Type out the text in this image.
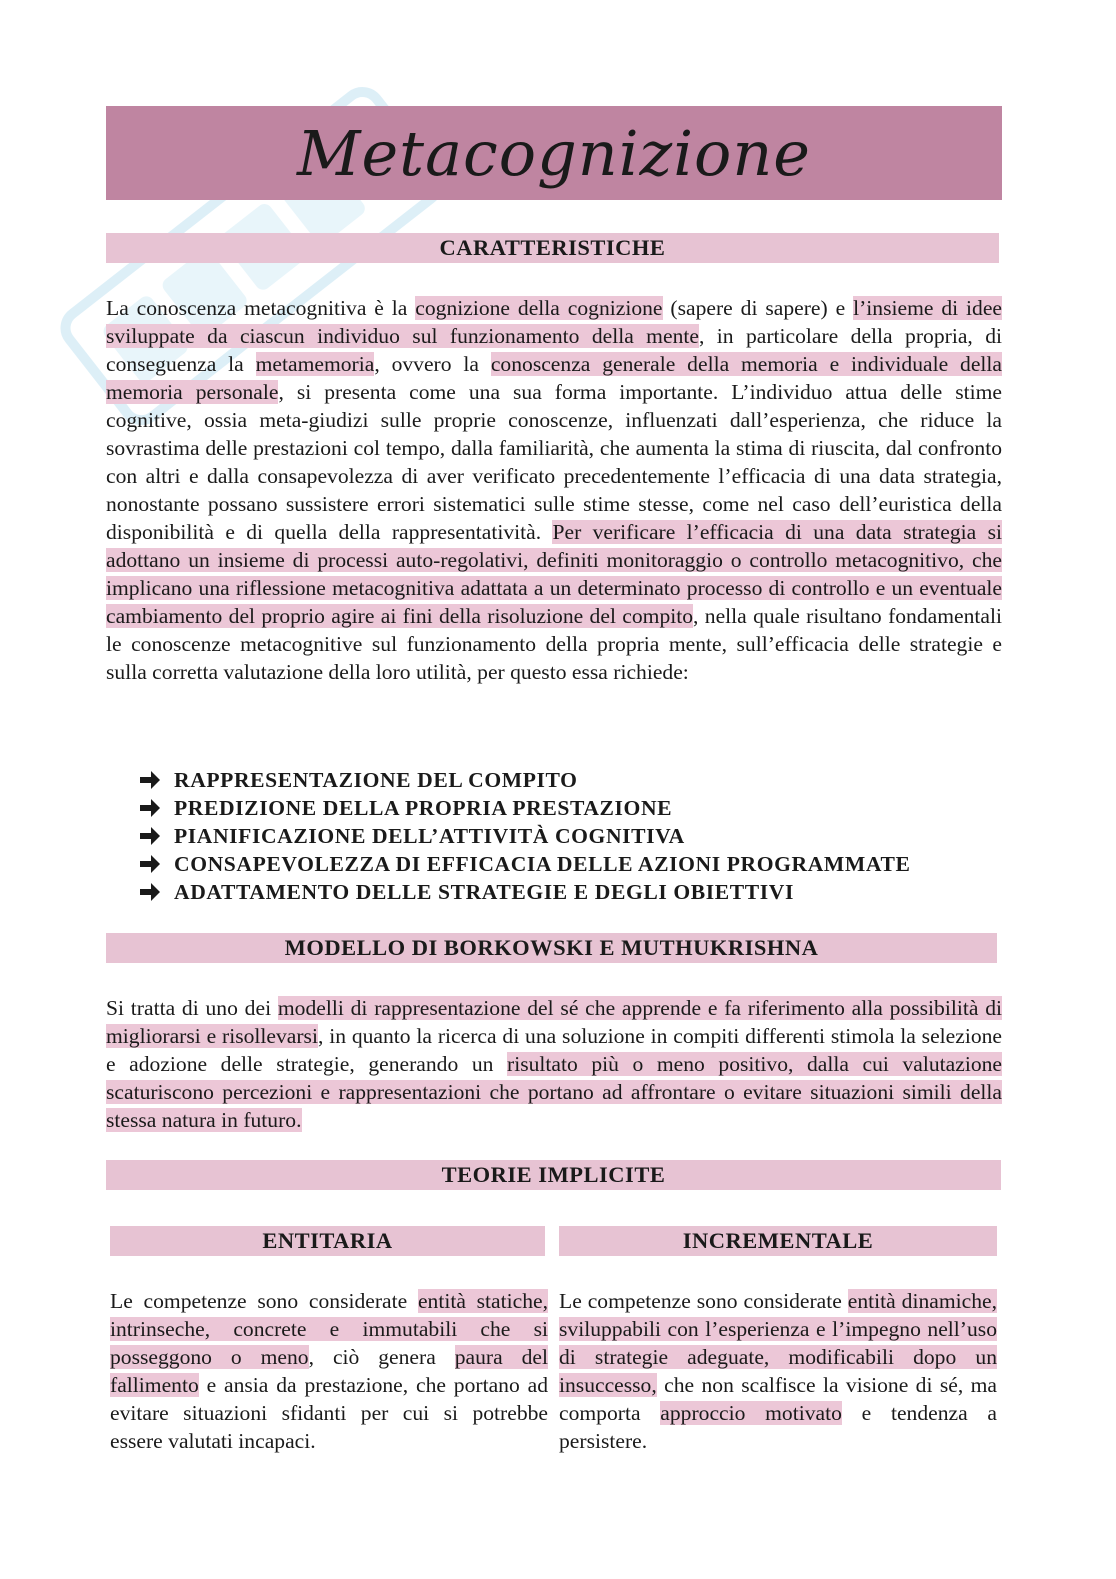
Metacognizione
CARATTERISTICHE
La conoscenza metacognitiva è la cognizione della cognizione (sapere di sapere) e l’insieme di idee sviluppate da ciascun individuo sul funzionamento della mente, in particolare della propria, di conseguenza la metamemoria, ovvero la conoscenza generale della memoria e individuale della memoria personale, si presenta come una sua forma importante. L’individuo attua delle stime cognitive, ossia meta-giudizi sulle proprie conoscenze, influenzati dall’esperienza, che riduce la sovrastima delle prestazioni col tempo, dalla familiarità, che aumenta la stima di riuscita, dal confronto con altri e dalla consapevolezza di aver verificato precedentemente l’efficacia di una data strategia, nonostante possano sussistere errori sistematici sulle stime stesse, come nel caso dell’euristica della disponibilità e di quella della rappresentatività. Per verificare l’efficacia di una data strategia si adottano un insieme di processi auto-regolativi, definiti monitoraggio o controllo metacognitivo, che implicano una riflessione metacognitiva adattata a un determinato processo di controllo e un eventuale cambiamento del proprio agire ai fini della risoluzione del compito, nella quale risultano fondamentali le conoscenze metacognitive sul funzionamento della propria mente, sull’efficacia delle strategie e sulla corretta valutazione della loro utilità, per questo essa richiede:
RAPPRESENTAZIONE DEL COMPITO
PREDIZIONE DELLA PROPRIA PRESTAZIONE
PIANIFICAZIONE DELL’ATTIVITÀ COGNITIVA
CONSAPEVOLEZZA DI EFFICACIA DELLE AZIONI PROGRAMMATE
ADATTAMENTO DELLE STRATEGIE E DEGLI OBIETTIVI
MODELLO DI BORKOWSKI E MUTHUKRISHNA
Si tratta di uno dei modelli di rappresentazione del sé che apprende e fa riferimento alla possibilità di migliorarsi e risollevarsi, in quanto la ricerca di una soluzione in compiti differenti stimola la selezione e adozione delle strategie, generando un risultato più o meno positivo, dalla cui valutazione scaturiscono percezioni e rappresentazioni che portano ad affrontare o evitare situazioni simili della stessa natura in futuro.
TEORIE IMPLICITE
ENTITARIA	INCREMENTALE
Le competenze sono considerate entità statiche, intrinseche, concrete e immutabili che si posseggono o meno, ciò genera paura del fallimento e ansia da prestazione, che portano ad evitare situazioni sfidanti per cui si potrebbe essere valutati incapaci.
Le competenze sono considerate entità dinamiche, sviluppabili con l’esperienza e l’impegno nell’uso di strategie adeguate, modificabili dopo un insuccesso, che non scalfisce la visione di sé, ma comporta approccio motivato e tendenza a persistere.
